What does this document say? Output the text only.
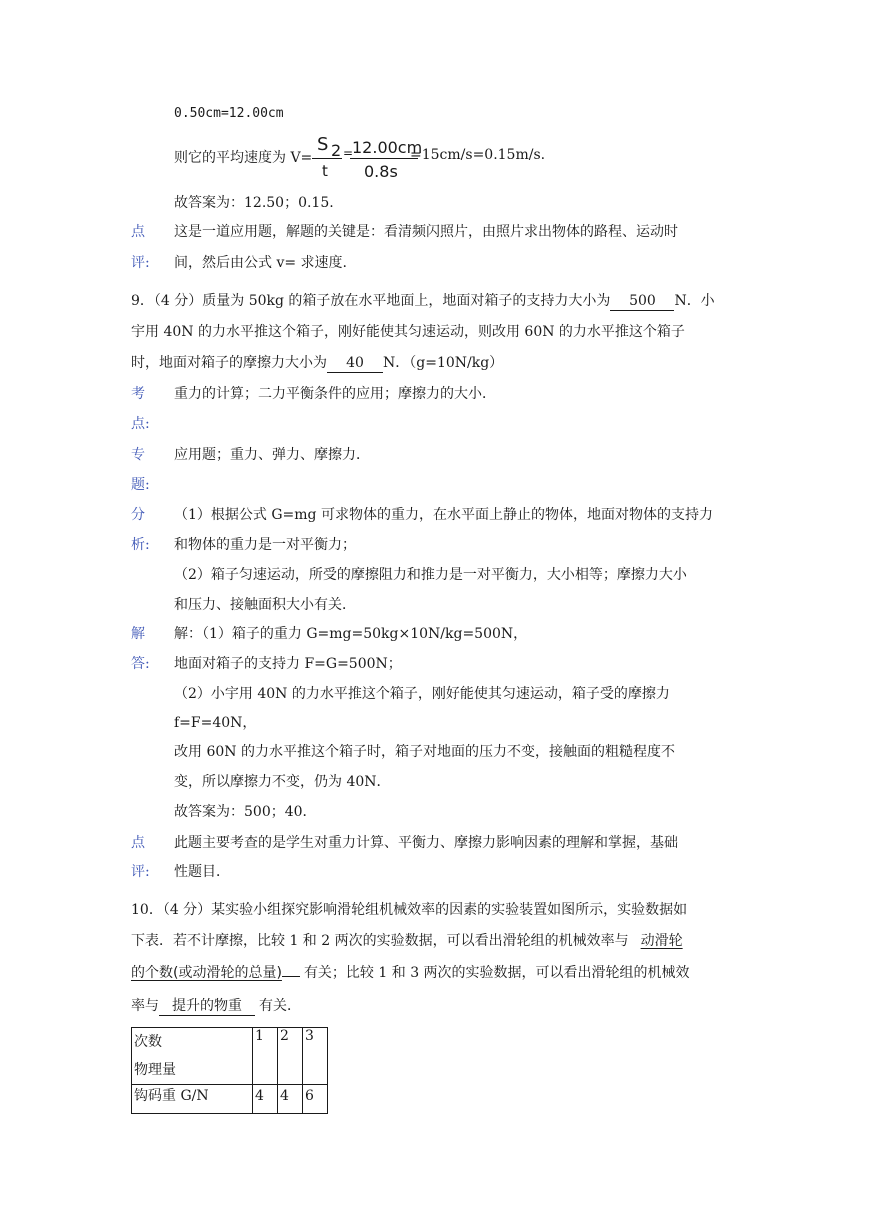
0.50cm=12.00cm
则它的平均速度为 V=
S 2
t
=
12.00cm
0.8s
=15cm/s=0.15m/s.
故答案为：12.50；0.15.
点
评:
这是一道应用题，解题的关键是：看清频闪照片，由照片求出物体的路程、运动时
间，然后由公式 v= 求速度.
9．（4 分）质量为 50kg 的箱子放在水平地面上，地面对箱子的支持力大小为 500 N．小
宇用 40N 的力水平推这个箱子，刚好能使其匀速运动，则改用 60N 的力水平推这个箱子
时，地面对箱子的摩擦力大小为 40 N．（g=10N/kg）
考
点:
重力的计算；二力平衡条件的应用；摩擦力的大小．
专
题:
应用题；重力、弹力、摩擦力．
分
析:
（1）根据公式 G=mg 可求物体的重力，在水平面上静止的物体，地面对物体的支持力
和物体的重力是一对平衡力；
（2）箱子匀速运动，所受的摩擦阻力和推力是一对平衡力，大小相等；摩擦力大小
和压力、接触面积大小有关．
解
答:
解：（1）箱子的重力 G=mg=50kg×10N/kg=500N，
地面对箱子的支持力 F=G=500N；
（2）小宇用 40N 的力水平推这个箱子，刚好能使其匀速运动，箱子受的摩擦力
f=F=40N，
改用 60N 的力水平推这个箱子时，箱子对地面的压力不变，接触面的粗糙程度不
变，所以摩擦力不变，仍为 40N．
故答案为：500；40．
点
评:
此题主要考查的是学生对重力计算、平衡力、摩擦力影响因素的理解和掌握，基础
性题目．
10．（4 分）某实验小组探究影响滑轮组机械效率的因素的实验装置如图所示，实验数据如
下表．若不计摩擦，比较 1 和 2 两次的实验数据，可以看出滑轮组的机械效率与 动滑轮
的个数(或动滑轮的总量) 有关；比较 1 和 3 两次的实验数据，可以看出滑轮组的机械效
率与 提升的物重 有关．
次数
物理量	1	2	3
钩码重 G/N	4	4	6
